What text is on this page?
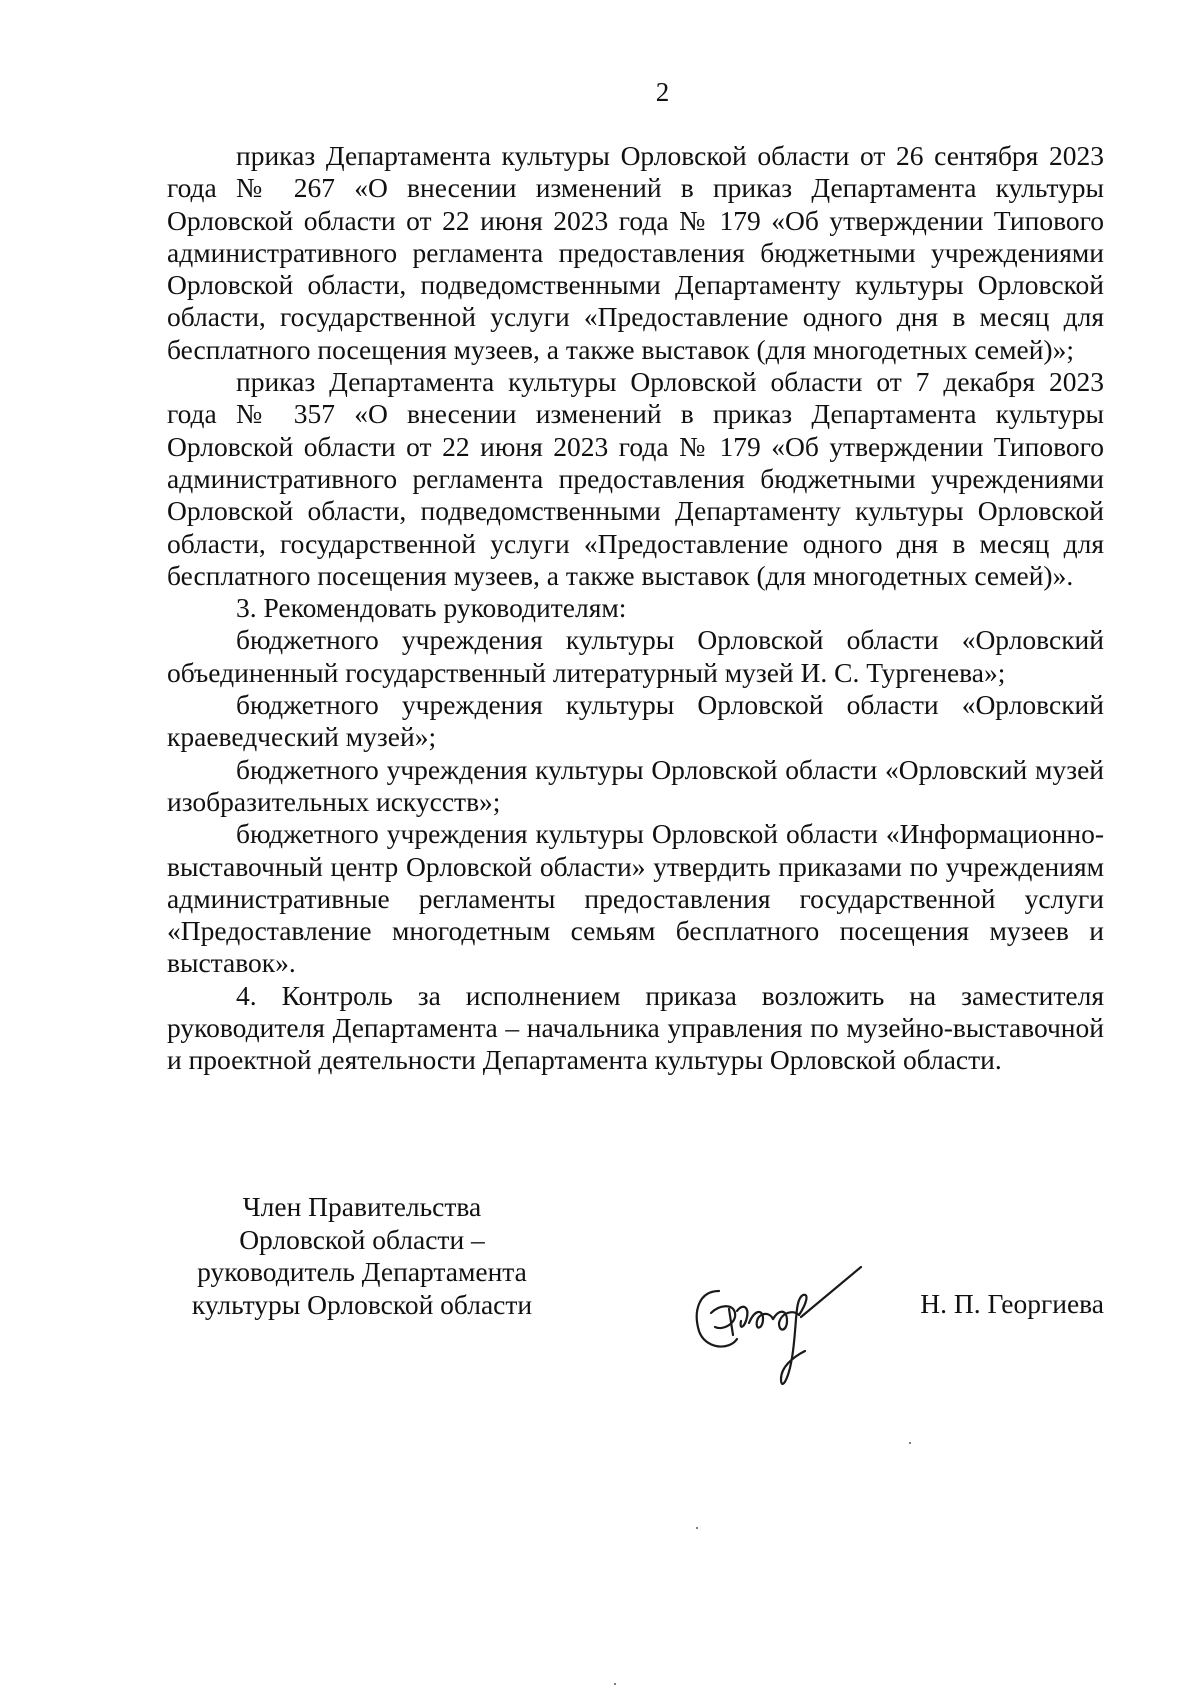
2

приказ Департамента культуры Орловской области от 26 сентября 2023 года № 267 «О внесении изменений в приказ Департамента культуры Орловской области от 22 июня 2023 года № 179 «Об утверждении Типового административного регламента предоставления бюджетными учреждениями Орловской области, подведомственными Департаменту культуры Орловской области, государственной услуги «Предоставление одного дня в месяц для бесплатного посещения музеев, а также выставок (для многодетных семей)»;

приказ Департамента культуры Орловской области от 7 декабря 2023 года № 357 «О внесении изменений в приказ Департамента культуры Орловской области от 22 июня 2023 года № 179 «Об утверждении Типового административного регламента предоставления бюджетными учреждениями Орловской области, подведомственными Департаменту культуры Орловской области, государственной услуги «Предоставление одного дня в месяц для бесплатного посещения музеев, а также выставок (для многодетных семей)».

3. Рекомендовать руководителям:

бюджетного учреждения культуры Орловской области «Орловский объединенный государственный литературный музей И. С. Тургенева»;

бюджетного учреждения культуры Орловской области «Орловский краеведческий музей»;

бюджетного учреждения культуры Орловской области «Орловский музей изобразительных искусств»;

бюджетного учреждения культуры Орловской области «Информационно-выставочный центр Орловской области» утвердить приказами по учреждениям административные регламенты предоставления государственной услуги «Предоставление многодетным семьям бесплатного посещения музеев и выставок».

4. Контроль за исполнением приказа возложить на заместителя руководителя Департамента – начальника управления по музейно-выставочной и проектной деятельности Департамента культуры Орловской области.

Член Правительства
Орловской области –
руководитель Департамента
культуры Орловской области	Н. П. Георгиева
